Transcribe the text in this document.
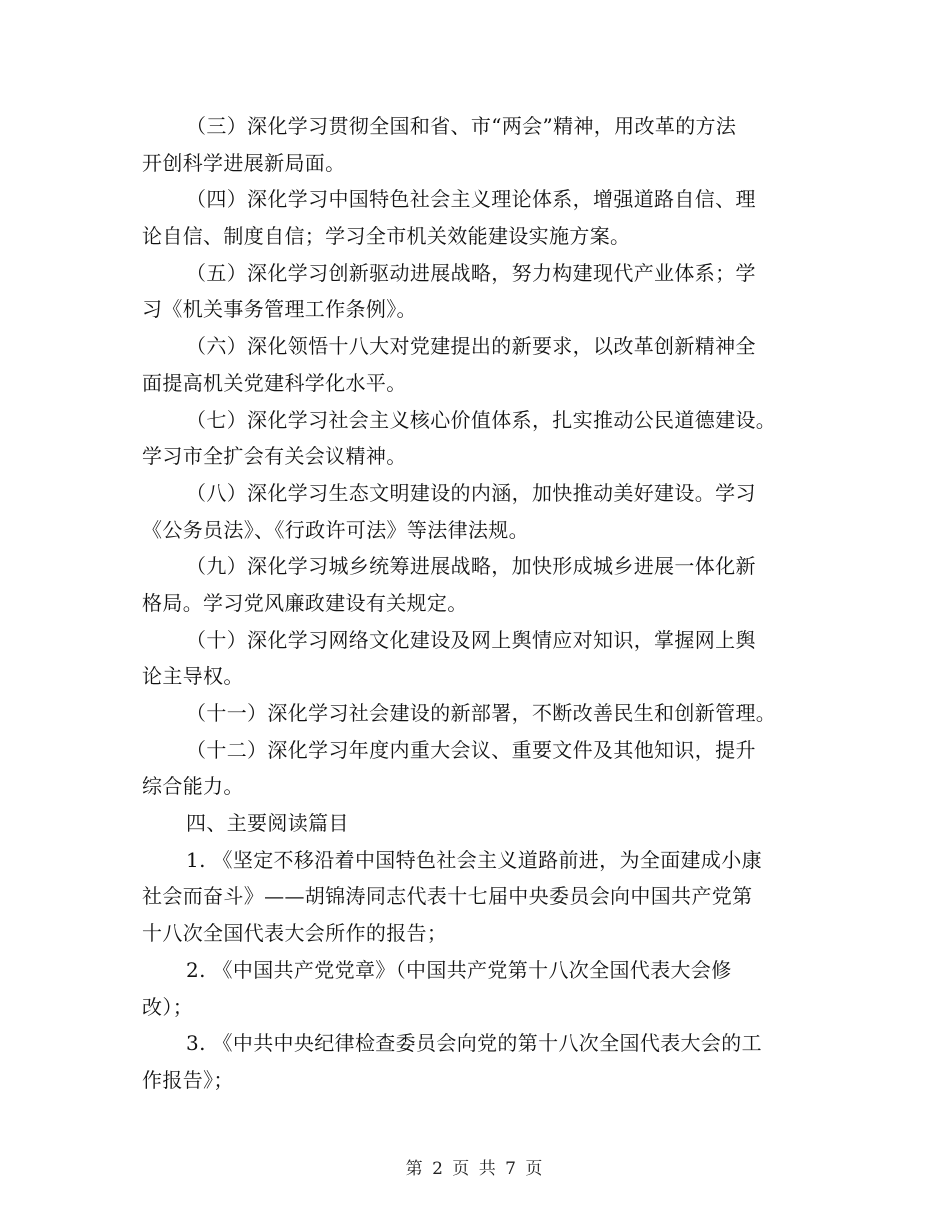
（三）深化学习贯彻全国和省、市“两会”精神，用改革的方法
开创科学进展新局面。
（四）深化学习中国特色社会主义理论体系，增强道路自信、理
论自信、制度自信；学习全市机关效能建设实施方案。
（五）深化学习创新驱动进展战略，努力构建现代产业体系；学
习《机关事务管理工作条例》。
（六）深化领悟十八大对党建提出的新要求，以改革创新精神全
面提高机关党建科学化水平。
（七）深化学习社会主义核心价值体系，扎实推动公民道德建设。
学习市全扩会有关会议精神。
（八）深化学习生态文明建设的内涵，加快推动美好建设。学习
《公务员法》、《行政许可法》等法律法规。
（九）深化学习城乡统筹进展战略，加快形成城乡进展一体化新
格局。学习党风廉政建设有关规定。
（十）深化学习网络文化建设及网上舆情应对知识，掌握网上舆
论主导权。
（十一）深化学习社会建设的新部署，不断改善民生和创新管理。
（十二）深化学习年度内重大会议、重要文件及其他知识，提升
综合能力。
四、主要阅读篇目
1. 《坚定不移沿着中国特色社会主义道路前进，为全面建成小康
社会而奋斗》——胡锦涛同志代表十七届中央委员会向中国共产党第
十八次全国代表大会所作的报告；
2. 《中国共产党党章》（中国共产党第十八次全国代表大会修
改）；
3. 《中共中央纪律检查委员会向党的第十八次全国代表大会的工
作报告》；
第 2 页 共 7 页
